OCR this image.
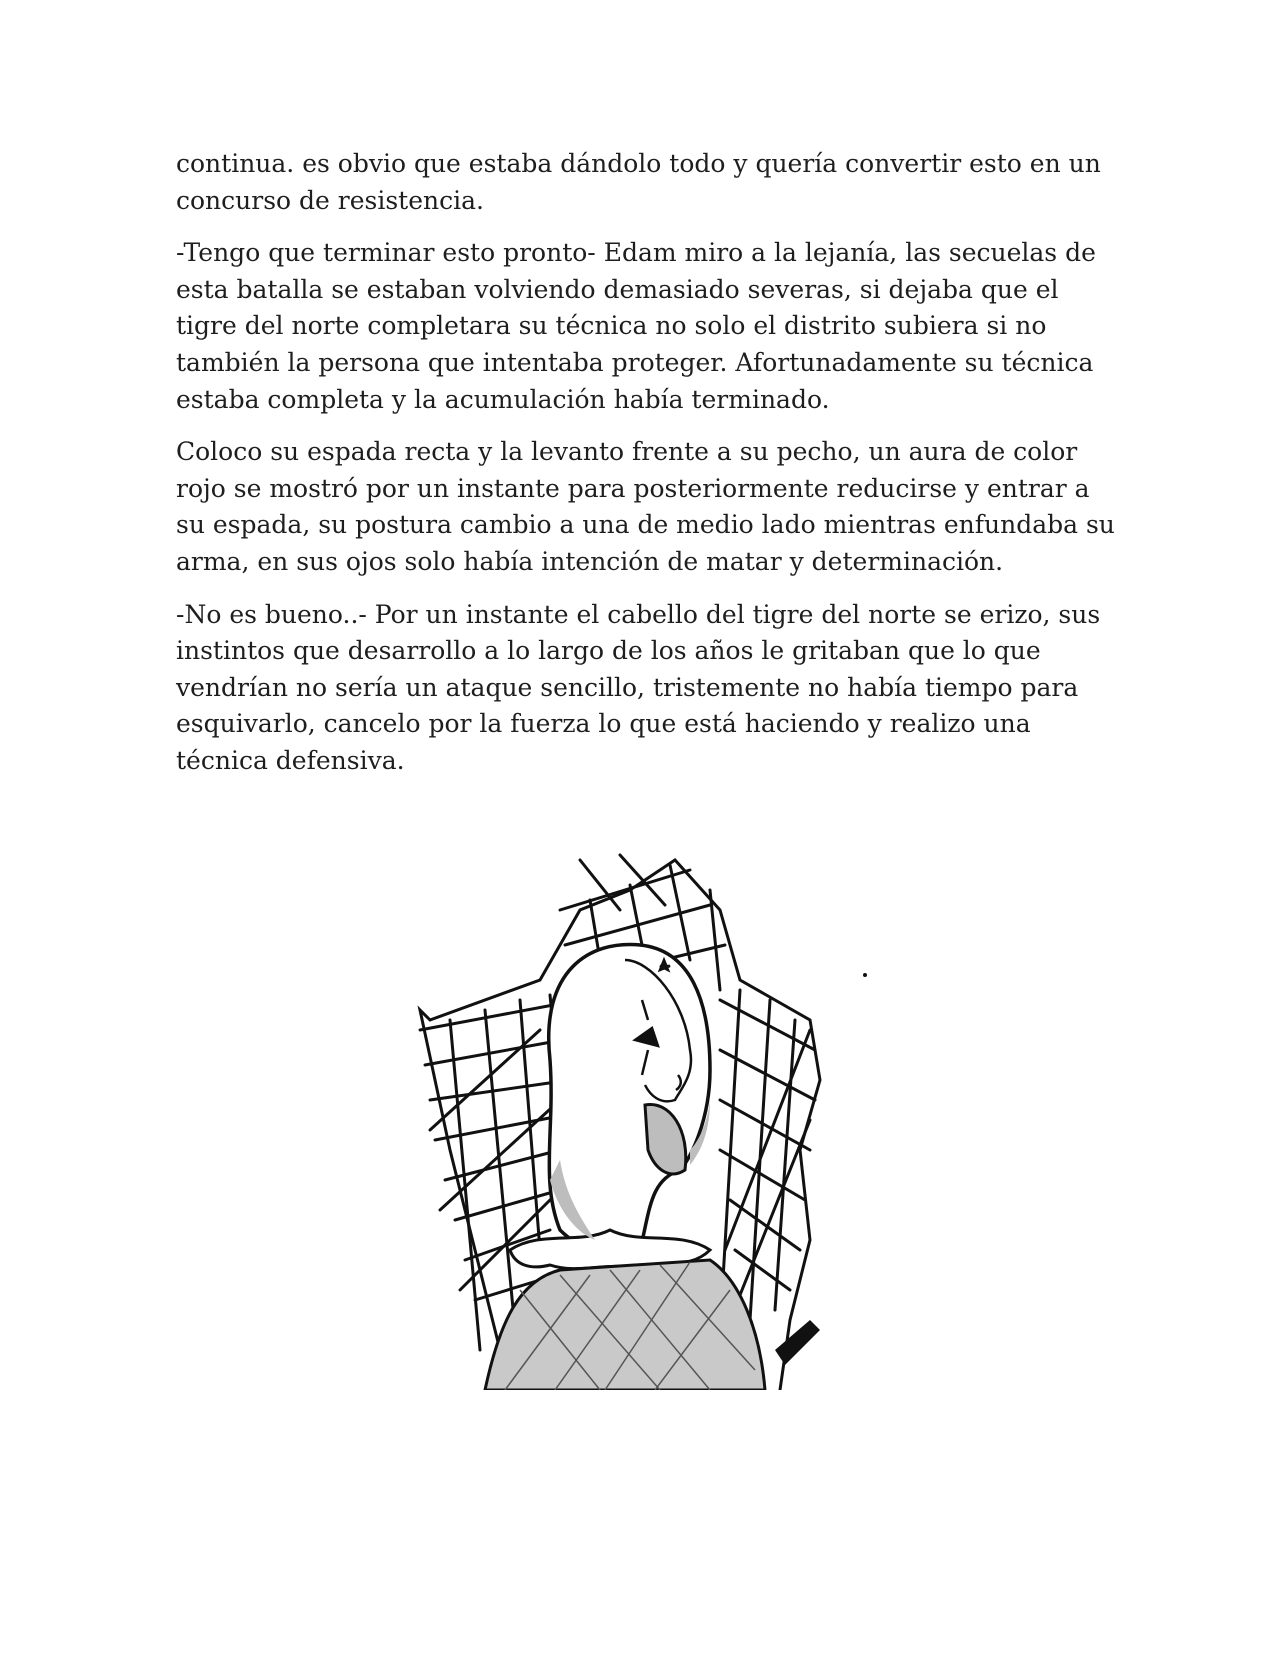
continua. es obvio que estaba dándolo todo y quería convertir esto en un concurso de resistencia.

-Tengo que terminar esto pronto- Edam miro a la lejanía, las secuelas de esta batalla se estaban volviendo demasiado severas, si dejaba que el tigre del norte completara su técnica no solo el distrito subiera si no también la persona que intentaba proteger. Afortunadamente su técnica estaba completa y la acumulación había terminado.

Coloco su espada recta y la levanto frente a su pecho, un aura de color rojo se mostró por un instante para posteriormente reducirse y entrar a su espada, su postura cambio a una de medio lado mientras enfundaba su arma, en sus ojos solo había intención de matar y determinación.

-No es bueno..- Por un instante el cabello del tigre del norte se erizo, sus instintos que desarrollo a lo largo de los años le gritaban que lo que vendrían no sería un ataque sencillo, tristemente no había tiempo para esquivarlo, cancelo por la fuerza lo que está haciendo y realizo una técnica defensiva.
